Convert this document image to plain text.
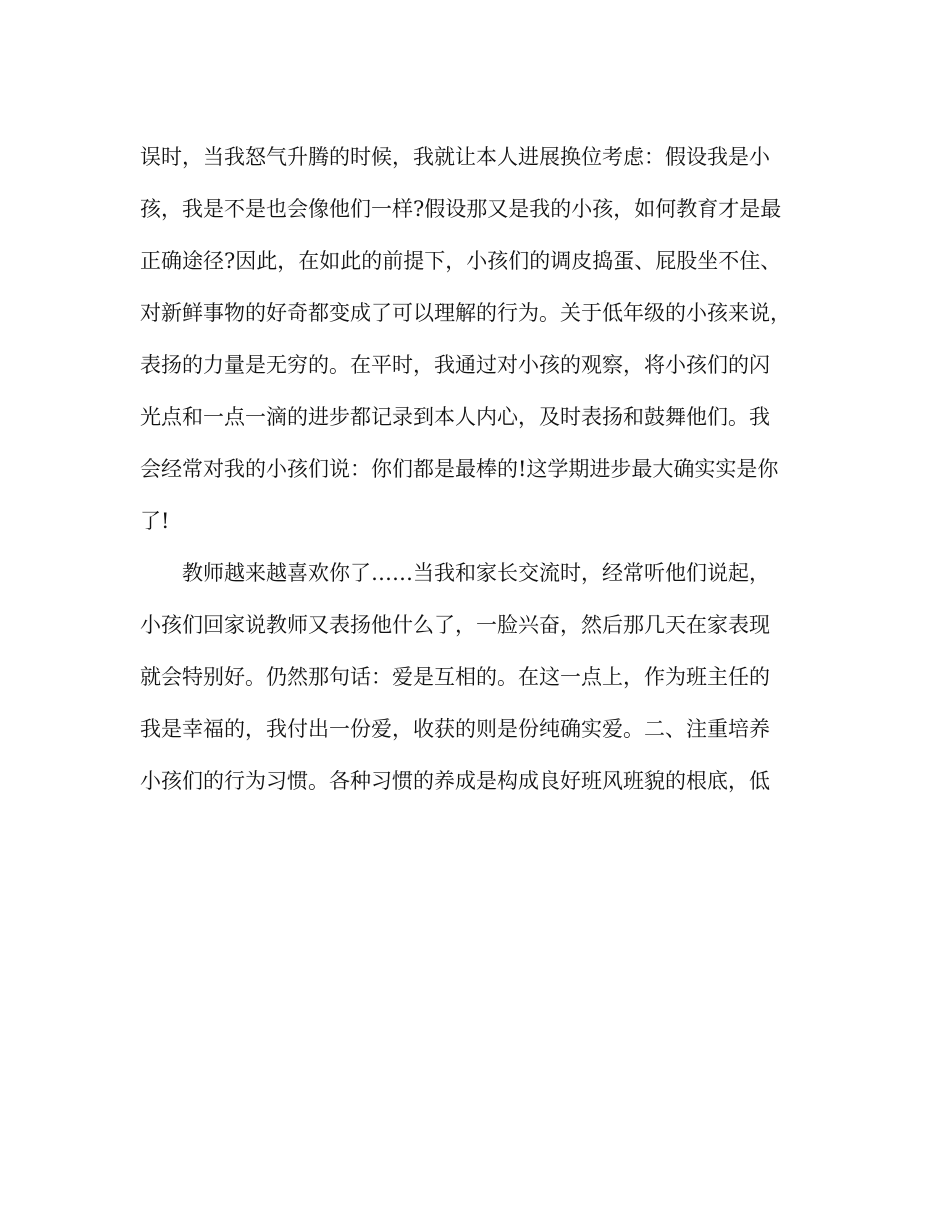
误时，当我怒气升腾的时候，我就让本人进展换位考虑：假设我是小
孩，我是不是也会像他们一样?假设那又是我的小孩，如何教育才是最
正确途径?因此，在如此的前提下，小孩们的调皮捣蛋、屁股坐不住、
对新鲜事物的好奇都变成了可以理解的行为。关于低年级的小孩来说，
表扬的力量是无穷的。在平时，我通过对小孩的观察，将小孩们的闪
光点和一点一滴的进步都记录到本人内心，及时表扬和鼓舞他们。我
会经常对我的小孩们说：你们都是最棒的!这学期进步最大确实实是你
了!
教师越来越喜欢你了……当我和家长交流时，经常听他们说起，
小孩们回家说教师又表扬他什么了，一脸兴奋，然后那几天在家表现
就会特别好。仍然那句话：爱是互相的。在这一点上，作为班主任的
我是幸福的，我付出一份爱，收获的则是份纯确实爱。二、注重培养
小孩们的行为习惯。各种习惯的养成是构成良好班风班貌的根底，低
